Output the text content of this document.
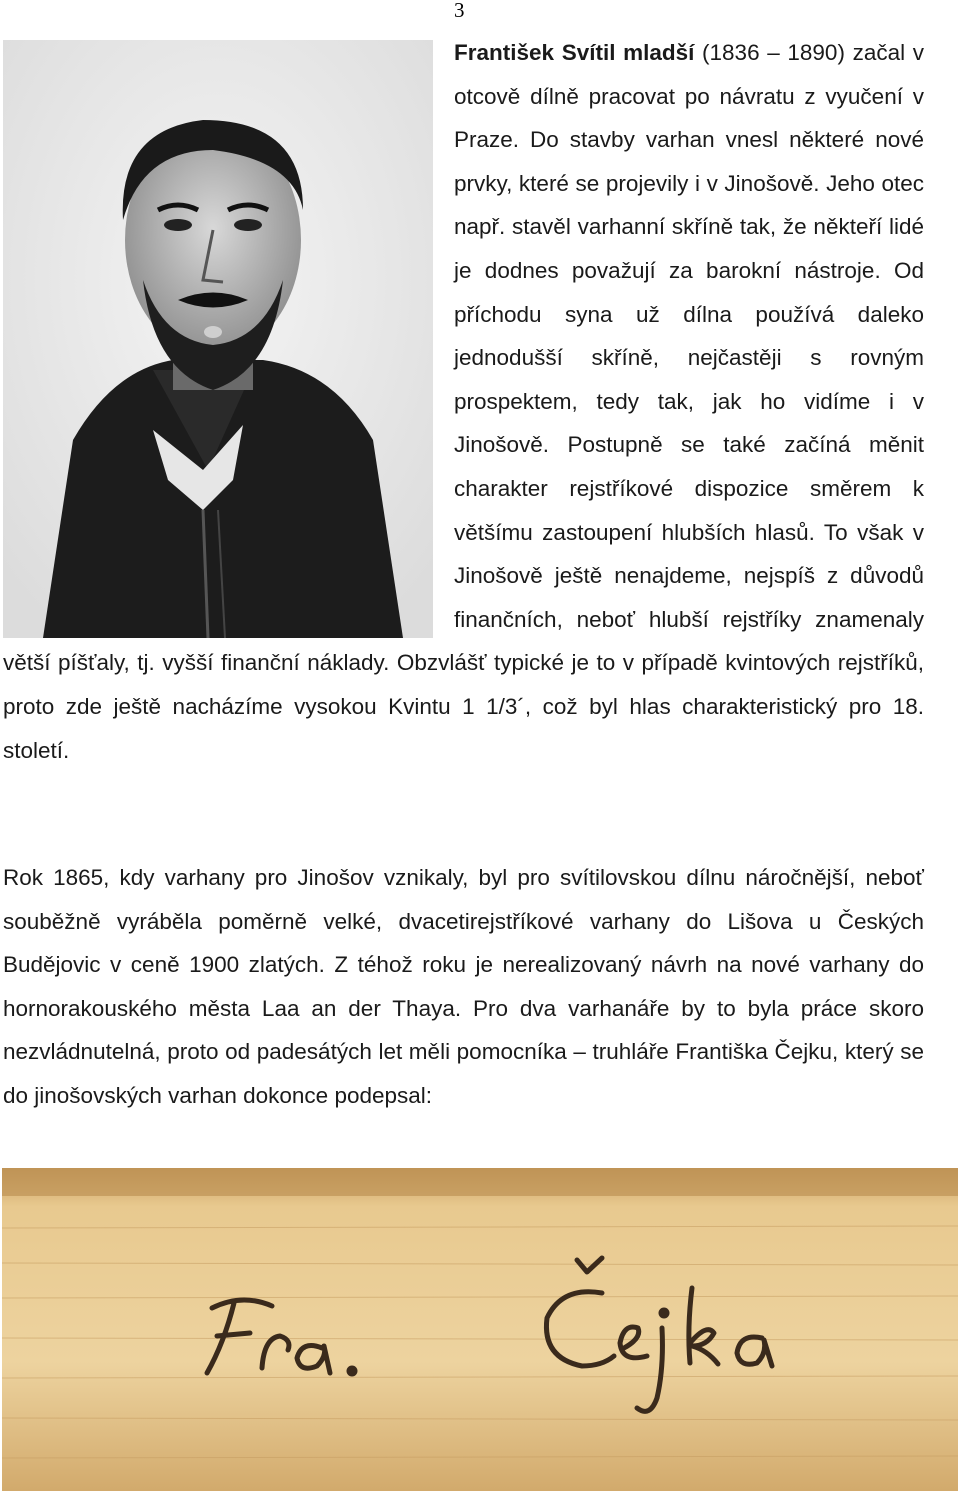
3

František Svítil mladší (1836 – 1890) začal v otcově dílně pracovat po návratu z vyučení v Praze. Do stavby varhan vnesl některé nové prvky, které se projevily i v Jinošově. Jeho otec např. stavěl varhanní skříně tak, že někteří lidé je dodnes považují za barokní nástroje. Od příchodu syna už dílna používá daleko jednodušší skříně, nejčastěji s rovným prospektem, tedy tak, jak ho vidíme i v Jinošově. Postupně se také začíná měnit charakter rejstříkové dispozice směrem k většímu zastoupení hlubších hlasů. To však v Jinošově ještě nenajdeme, nejspíš z důvodů finančních, neboť hlubší rejstříky znamenaly větší píšťaly, tj. vyšší finanční náklady. Obzvlášť typické je to v případě kvintových rejstříků, proto zde ještě nacházíme vysokou Kvintu 1 1/3´, což byl hlas charakteristický pro 18. století.

Rok 1865, kdy varhany pro Jinošov vznikaly, byl pro svítilovskou dílnu náročnější, neboť souběžně vyráběla poměrně velké, dvacetirejstříkové varhany do Lišova u Českých Budějovic v ceně 1900 zlatých. Z téhož roku je nerealizovaný návrh na nové varhany do hornorakouského města Laa an der Thaya. Pro dva varhanáře by to byla práce skoro nezvládnutelná, proto od padesátých let měli pomocníka – truhláře Františka Čejku, který se do jinošovských varhan dokonce podepsal:
